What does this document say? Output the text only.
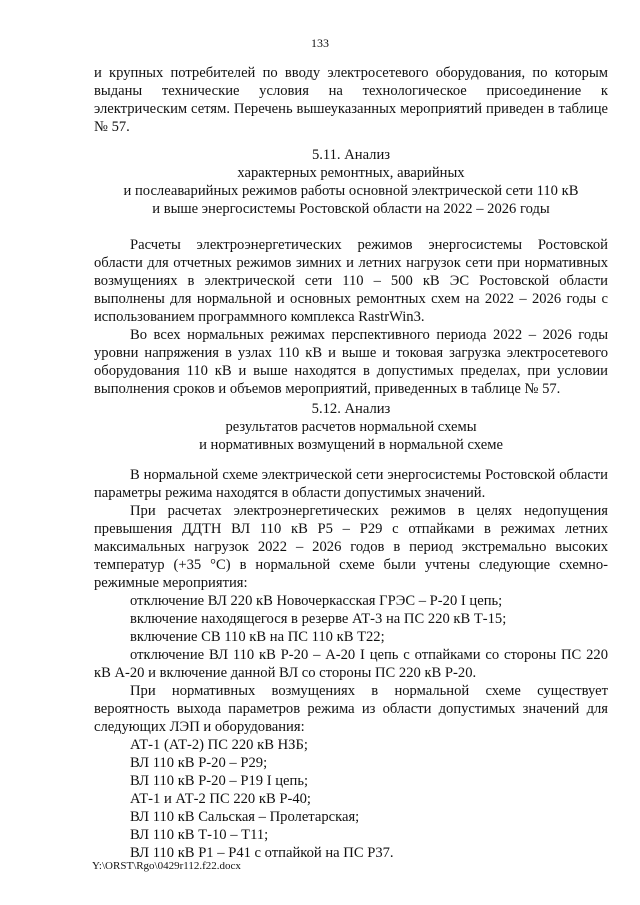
133

и крупных потребителей по вводу электросетевого оборудования, по которым выданы технические условия на технологическое присоединение к электрическим сетям. Перечень вышеуказанных мероприятий приведен в таблице № 57.

5.11. Анализ

характерных ремонтных, аварийных

и послеаварийных режимов работы основной электрической сети 110 кВ

и выше энергосистемы Ростовской области на 2022 – 2026 годы

Расчеты электроэнергетических режимов энергосистемы Ростовской области для отчетных режимов зимних и летних нагрузок сети при нормативных возмущениях в электрической сети 110 – 500 кВ ЭС Ростовской области выполнены для нормальной и основных ремонтных схем на 2022 – 2026 годы с использованием программного комплекса RastrWin3.

Во всех нормальных режимах перспективного периода 2022 – 2026 годы уровни напряжения в узлах 110 кВ и выше и токовая загрузка электросетевого оборудования 110 кВ и выше находятся в допустимых пределах, при условии выполнения сроков и объемов мероприятий, приведенных в таблице № 57.

5.12. Анализ

результатов расчетов нормальной схемы

и нормативных возмущений в нормальной схеме

В нормальной схеме электрической сети энергосистемы Ростовской области параметры режима находятся в области допустимых значений.

При расчетах электроэнергетических режимов в целях недопущения превышения ДДТН ВЛ 110 кВ Р5 – Р29 с отпайками в режимах летних максимальных нагрузок 2022 – 2026 годов в период экстремально высоких температур (+35 °С) в нормальной схеме были учтены следующие схемно-режимные мероприятия:

отключение ВЛ 220 кВ Новочеркасская ГРЭС – Р-20 I цепь;

включение находящегося в резерве АТ-3 на ПС 220 кВ Т-15;

включение СВ 110 кВ на ПС 110 кВ Т22;

отключение ВЛ 110 кВ Р-20 – А-20 I цепь с отпайками со стороны ПС 220 кВ А-20 и включение данной ВЛ со стороны ПС 220 кВ Р-20.

При нормативных возмущениях в нормальной схеме существует вероятность выхода параметров режима из области допустимых значений для следующих ЛЭП и оборудования:

АТ-1 (АТ-2) ПС 220 кВ НЗБ;

ВЛ 110 кВ Р-20 – Р29;

ВЛ 110 кВ Р-20 – Р19 I цепь;

АТ-1 и АТ-2 ПС 220 кВ Р-40;

ВЛ 110 кВ Сальская – Пролетарская;

ВЛ 110 кВ Т-10 – Т11;

ВЛ 110 кВ Р1 – Р41 с отпайкой на ПС Р37.

Y:\ORST\Rgo\0429r112.f22.docx
